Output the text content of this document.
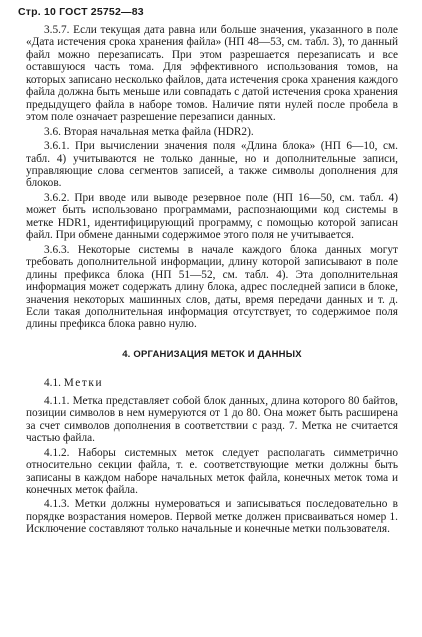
Стр. 10 ГОСТ 25752—83

3.5.7. Если текущая дата равна или больше значения, указанного в поле «Дата истечения срока хранения файла» (НП 48—53, см. табл. 3), то данный файл можно перезаписать. При этом разрешается перезаписать и все оставшуюся часть тома. Для эффективного использования томов, на которых записано несколько файлов, дата истечения срока хранения каждого файла должна быть меньше или совпадать с датой истечения срока хранения предыдущего файла в наборе томов. Наличие пяти нулей после пробела в этом поле означает разрешение перезаписи данных.

3.6. Вторая начальная метка файла (HDR2).

3.6.1. При вычислении значения поля «Длина блока» (НП 6—10, см. табл. 4) учитываются не только данные, но и дополнительные записи, управляющие слова сегментов записей, а также символы дополнения для блоков.

3.6.2. При вводе или выводе резервное поле (НП 16—50, см. табл. 4) может быть использовано программами, распознающими код системы в метке HDR1, идентифицирующий программу, с помощью которой записан файл. При обмене данными содержимое этого поля не учитывается.

3.6.3. Некоторые системы в начале каждого блока данных могут требовать дополнительной информации, длину которой записывают в поле длины префикса блока (НП 51—52, см. табл. 4). Эта дополнительная информация может содержать длину блока, адрес последней записи в блоке, значения некоторых машинных слов, даты, время передачи данных и т. д. Если такая дополнительная информация отсутствует, то содержимое поля длины префикса блока равно нулю.

4. ОРГАНИЗАЦИЯ МЕТОК И ДАННЫХ

4.1. Метки

4.1.1. Метка представляет собой блок данных, длина которого 80 байтов, позиции символов в нем нумеруются от 1 до 80. Она может быть расширена за счет символов дополнения в соответствии с разд. 7. Метка не считается частью файла.

4.1.2. Наборы системных меток следует располагать симметрично относительно секции файла, т. е. соответствующие метки должны быть записаны в каждом наборе начальных меток файла, конечных меток тома и конечных меток файла.

4.1.3. Метки должны нумероваться и записываться последовательно в порядке возрастания номеров. Первой метке должен присваиваться номер 1. Исключение составляют только начальные и конечные метки пользователя.
